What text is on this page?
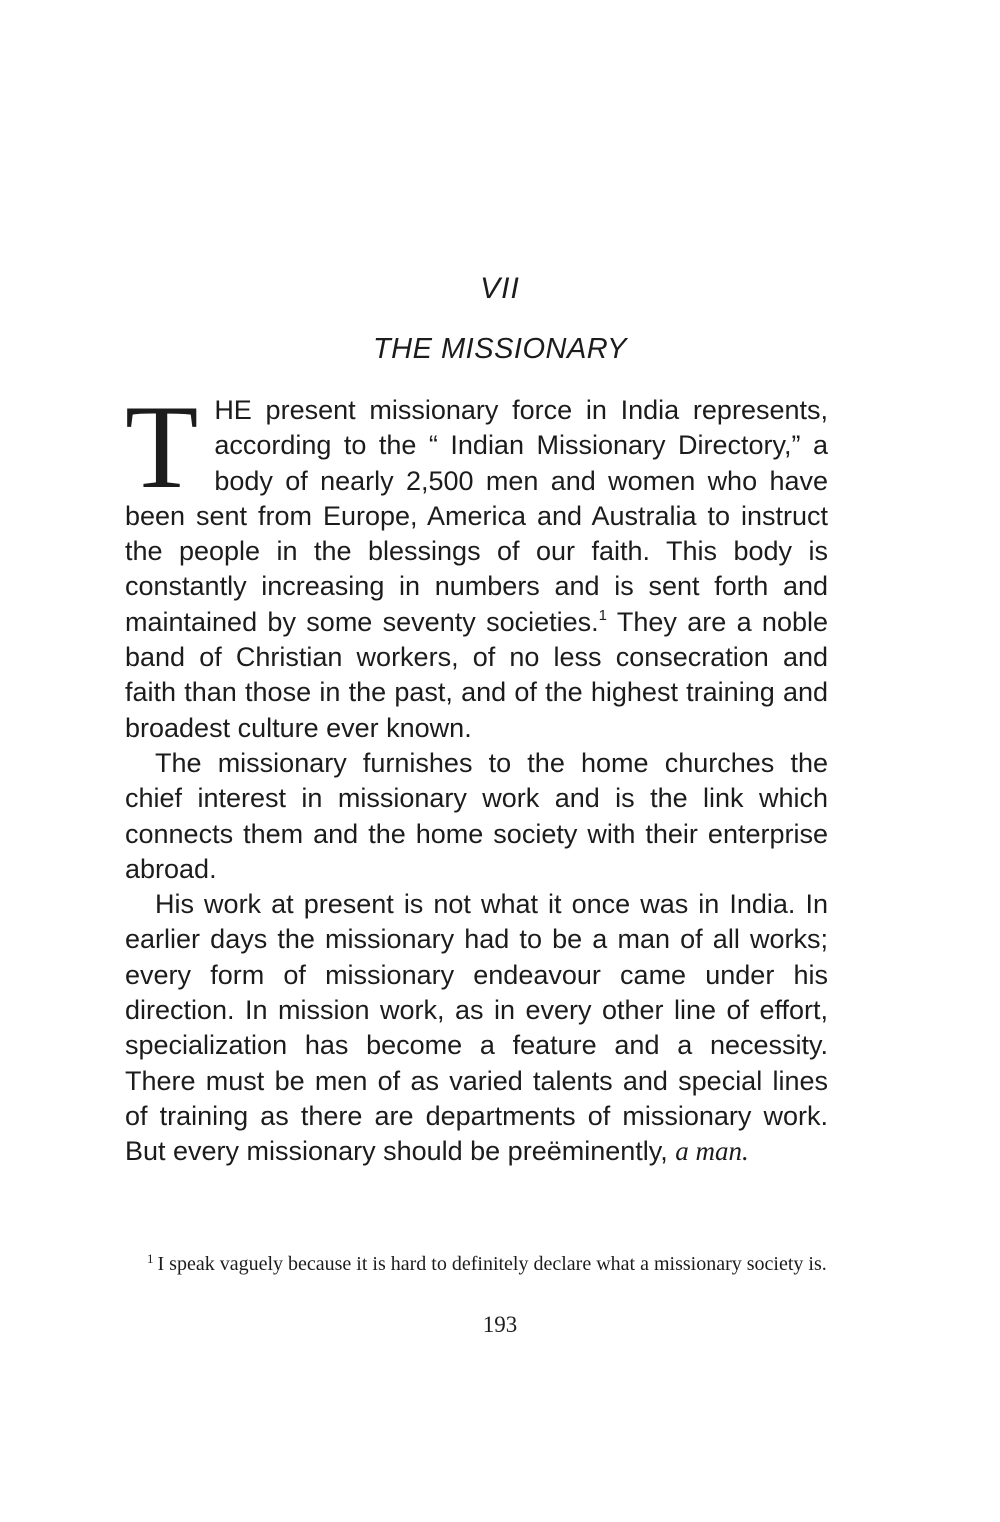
VII
THE MISSIONARY

THE present missionary force in India represents, according to the “ Indian Missionary Directory,” a body of nearly 2,500 men and women who have been sent from Europe, America and Australia to instruct the people in the blessings of our faith. This body is constantly increasing in numbers and is sent forth and maintained by some seventy societies.$^1$ They are a noble band of Christian workers, of no less consecration and faith than those in the past, and of the highest training and broadest culture ever known.

The missionary furnishes to the home churches the chief interest in missionary work and is the link which connects them and the home society with their enterprise abroad.

His work at present is not what it once was in India. In earlier days the missionary had to be a man of all works; every form of missionary endeavour came under his direction. In mission work, as in every other line of effort, specialization has become a feature and a necessity. There must be men of as varied talents and special lines of training as there are departments of missionary work. But every missionary should be preëminently, a man.

$^1$ I speak vaguely because it is hard to definitely declare what a missionary society is.
193
